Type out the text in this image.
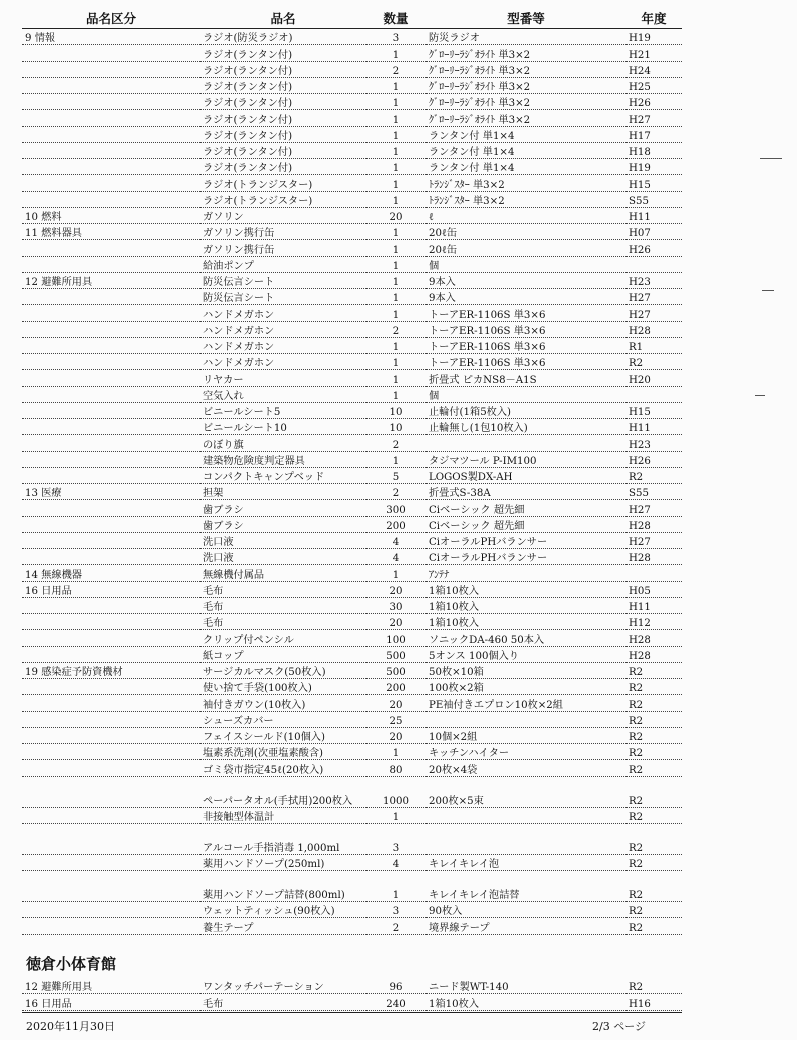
品名区分	品名	数量	型番等	年度
9 情報	ラジオ(防災ラジオ)	3	防災ラジオ	H19
	ラジオ(ランタン付)	1	ｸﾞﾛｰﾘｰﾗｼﾞｵﾗｲﾄ 単3×2	H21
	ラジオ(ランタン付)	2	ｸﾞﾛｰﾘｰﾗｼﾞｵﾗｲﾄ 単3×2	H24
	ラジオ(ランタン付)	1	ｸﾞﾛｰﾘｰﾗｼﾞｵﾗｲﾄ 単3×2	H25
	ラジオ(ランタン付)	1	ｸﾞﾛｰﾘｰﾗｼﾞｵﾗｲﾄ 単3×2	H26
	ラジオ(ランタン付)	1	ｸﾞﾛｰﾘｰﾗｼﾞｵﾗｲﾄ 単3×2	H27
	ラジオ(ランタン付)	1	ランタン付 単1×4	H17
	ラジオ(ランタン付)	1	ランタン付 単1×4	H18
	ラジオ(ランタン付)	1	ランタン付 単1×4	H19
	ラジオ(トランジスター)	1	ﾄﾗﾝｼﾞｽﾀｰ 単3×2	H15
	ラジオ(トランジスター)	1	ﾄﾗﾝｼﾞｽﾀｰ 単3×2	S55
10 燃料	ガソリン	20	ℓ	H11
11 燃料器具	ガソリン携行缶	1	20ℓ缶	H07
	ガソリン携行缶	1	20ℓ缶	H26
	給油ポンプ	1	個	
12 避難所用具	防災伝言シート	1	9本入	H23
	防災伝言シート	1	9本入	H27
	ハンドメガホン	1	トーアER-1106S 単3×6	H27
	ハンドメガホン	2	トーアER-1106S 単3×6	H28
	ハンドメガホン	1	トーアER-1106S 単3×6	R1
	ハンドメガホン	1	トーアER-1106S 単3×6	R2
	リヤカー	1	折畳式 ピカNS8－A1S	H20
	空気入れ	1	個	
	ビニールシート5	10	止輪付(1箱5枚入)	H15
	ビニールシート10	10	止輪無し(1包10枚入)	H11
	のぼり旗	2		H23
	建築物危険度判定器具	1	タジマツール P-IM100	H26
	コンパクトキャンプベッド	5	LOGOS製DX-AH	R2
13 医療	担架	2	折畳式S-38A	S55
	歯ブラシ	300	Ciベーシック 超先細	H27
	歯ブラシ	200	Ciベーシック 超先細	H28
	洗口液	4	CiオーラルPHバランサー	H27
	洗口液	4	CiオーラルPHバランサー	H28
14 無線機器	無線機付属品	1	ｱﾝﾃﾅ	
16 日用品	毛布	20	1箱10枚入	H05
	毛布	30	1箱10枚入	H11
	毛布	20	1箱10枚入	H12
	クリップ付ペンシル	100	ソニックDA-460 50本入	H28
	紙コップ	500	5オンス 100個入り	H28
19 感染症予防資機材	サージカルマスク(50枚入)	500	50枚×10箱	R2
	使い捨て手袋(100枚入)	200	100枚×2箱	R2
	袖付きガウン(10枚入)	20	PE袖付きエプロン10枚×2組	R2
	シューズカバー	25		R2
	フェイスシールド(10個入)	20	10個×2組	R2
	塩素系洗剤(次亜塩素酸含)	1	キッチンハイター	R2
	ゴミ袋市指定45ℓ(20枚入)	80	20枚×4袋	R2
	ペーパータオル(手拭用)200枚入	1000	200枚×5束	R2
	非接触型体温計	1		R2
	アルコール手指消毒 1,000ml	3		R2
	薬用ハンドソープ(250ml)	4	キレイキレイ泡	R2
	薬用ハンドソープ詰替(800ml)	1	キレイキレイ泡詰替	R2
	ウェットティッシュ(90枚入)	3	90枚入	R2
	養生テープ	2	境界線テープ	R2
徳倉小体育館
12 避難所用具	ワンタッチパーテーション	96	ニード製WT-140	R2
16 日用品	毛布	240	1箱10枚入	H16
2020年11月30日	2/3 ページ
